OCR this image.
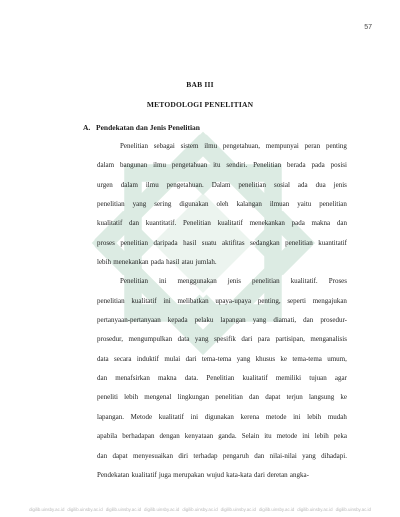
57
BAB III
METODOLOGI PENELITIAN
A. Pendekatan dan Jenis Penelitian
Penelitian sebagai sistem ilmu pengetahuan, mempunyai peran penting
dalam bangunan ilmu pengetahuan itu sendiri. Penelitian berada pada posisi
urgen dalam ilmu pengetahuan. Dalam penelitian sosial ada dua jenis
penelitian yang sering digunakan oleh kalangan ilmuan yaitu penelitian
kualitatif dan kuantitatif. Penelitian kualitatif menekankan pada makna dan
proses penelitian daripada hasil suatu aktifitas sedangkan penelitian kuantitatif
lebih menekankan pada hasil atau jumlah.
Penelitian ini menggunakan jenis penelitian kualitatif. Proses
penelitian kualitatif ini melibatkan upaya-upaya penting, seperti mengajukan
pertanyaan-pertanyaan kepada pelaku lapangan yang diamati, dan prosedur-
prosedur, mengumpulkan data yang spesifik dari para partisipan, menganalisis
data secara induktif mulai dari tema-tema yang khusus ke tema-tema umum,
dan menafsirkan makna data. Penelitian kualitatif memiliki tujuan agar
peneliti lebih mengenal lingkungan penelitian dan dapat terjun langsung ke
lapangan. Metode kualitatif ini digunakan kerena metode ini lebih mudah
apabila berhadapan dengan kenyataan ganda. Selain itu metode ini lebih peka
dan dapat menyesuaikan diri terhadap pengaruh dan nilai-nilai yang dihadapi.
Pendekatan kualitatif juga merupakan wujud kata-kata dari deretan angka-
digilib.uinsby.ac.id digilib.uinsby.ac.id digilib.uinsby.ac.id digilib.uinsby.ac.id digilib.uinsby.ac.id digilib.uinsby.ac.id digilib.uinsby.ac.id digilib.uinsby.ac.id digilib.uinsby.ac.id
